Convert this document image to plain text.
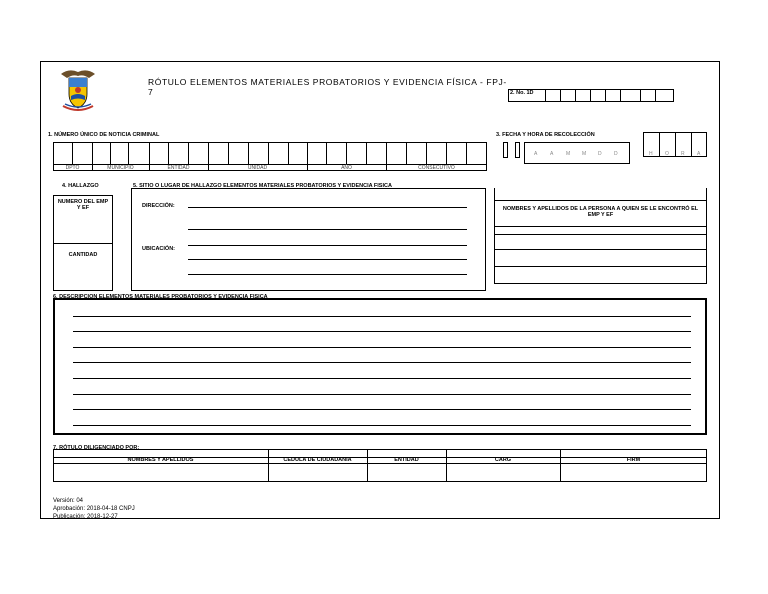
RÓTULO ELEMENTOS MATERIALES PROBATORIOS Y EVIDENCIA FÍSICA - FPJ-
7	2. No. 1D
1. NÚMERO ÚNICO DE NOTICIA CRIMINAL
DPTO	MUNICIPIO	ENTIDAD	UNIDAD	AÑO	CONSECUTIVO
3. FECHA Y HORA DE RECOLECCIÓN
A	A	M M D D	H O R A
4. HALLAZGO
NUMERO DEL EMP Y EF
CANTIDAD
5. SITIO O LUGAR DE HALLAZGO ELEMENTOS MATERIALES PROBATORIOS Y EVIDENCIA FISICA
DIRECCIÓN:
UBICACIÓN:
NOMBRES Y APELLIDOS DE LA PERSONA A QUIEN SE LE ENCONTRÓ EL EMP Y EF
6. DESCRIPCION ELEMENTOS MATERIALES PROBATORIOS Y EVIDENCIA FISICA
7. RÓTULO DILIGENCIADO POR:
NOMBRES Y APELLIDOS	CEDULA DE CIUDADANIA	ENTIDAD	CARG	FIRM
Versión: 04
Aprobación: 2018-04-18 CNPJ
Publicación: 2018-12-27
